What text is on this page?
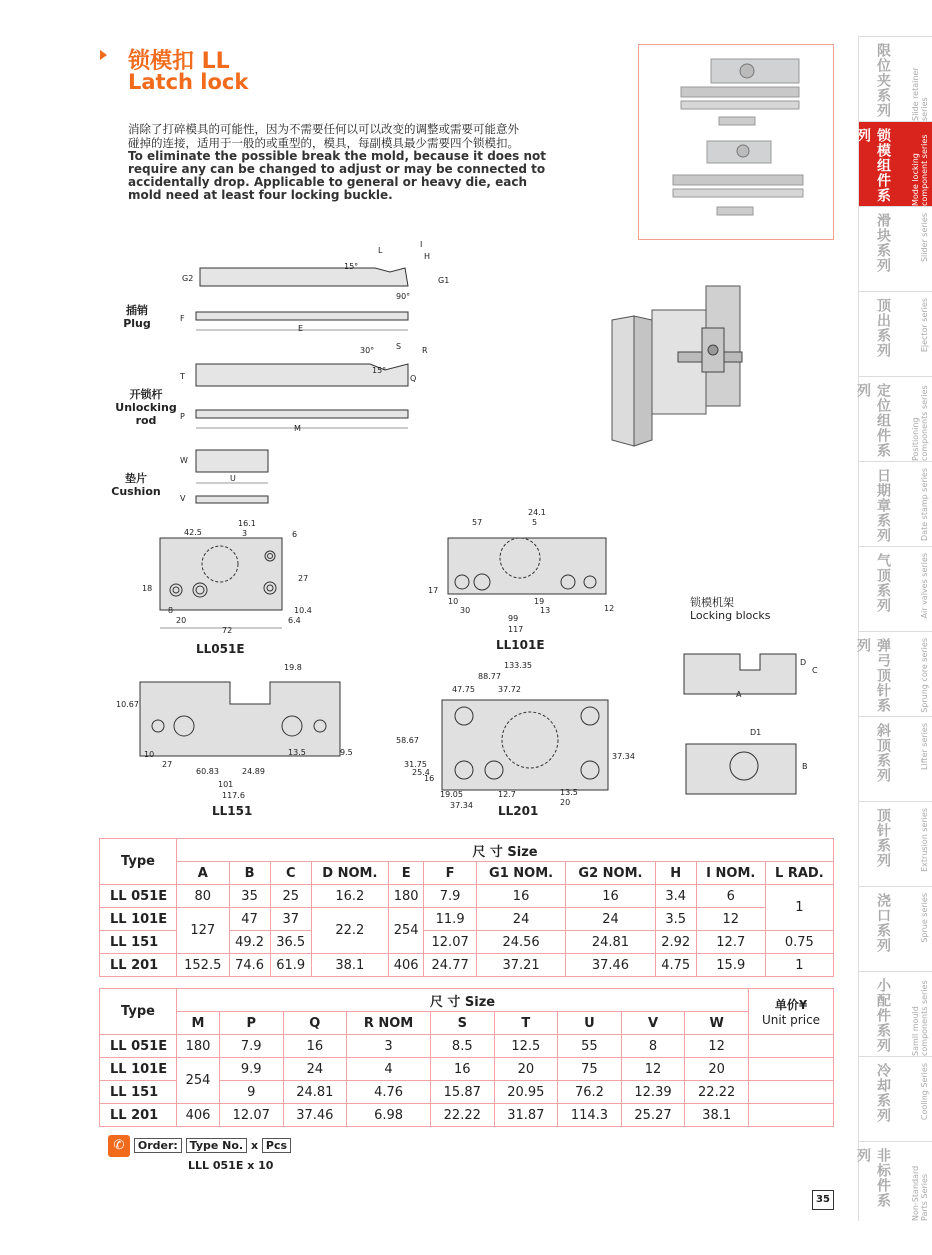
锁模扣 LL
Latch lock
消除了打碎模具的可能性，因为不需要任何以可以改变的调整或需要可能意外
碰掉的连接，适用于一般的或重型的，模具，每副模具最少需要四个锁模扣。
To eliminate the possible break the mold, because it does not
require any can be changed to adjust or may be connected to
accidentally drop. Applicable to general or heavy die, each
mold need at least four locking buckle.
L
I
H
G1
G2
15°
90°
F
E
S	R
Q
T
30°
15°
P
M
W
U
V
插销
Plug
开锁杆
Unlocking rod
垫片
Cushion
42.5
16.1
3	6
18
27
8
20
10.4
6.4
72
LL051E
57
24.1
5
17
10
30
19
13	12
99
117
LL101E
锁模机架
Locking blocks
D
C
A
D1
B
19.8
10.67
10
27
60.83	24.89
13.5	9.5
101
117.6
LL151
133.35
88.77
47.75	37.72
58.67
31.75
25.4
16
19.05
37.34
12.7	13.5
20
37.34
LL201
Type	尺 寸 Size										
	A	B	C	D NOM.	E	F	G1 NOM.	G2 NOM.	H	I NOM.	L RAD.
LL 051E	80	35	25	16.2	180	7.9	16	16	3.4	6	1
LL 101E	127	47	37	22.2	254	11.9	24	24	3.5	12	
LL 151		49.2	36.5			12.07	24.56	24.81	2.92	12.7	0.75
LL 201	152.5	74.6	61.9	38.1	406	24.77	37.21	37.46	4.75	15.9	1
Type	尺 寸 Size									单价¥
Unit price

	M	P	Q	R NOM	S	T	U	V	W	
LL 051E	180	7.9	16	3	8.5	12.5	55	8	12	
LL 101E	254	9.9	24	4	16	20	75	12	20	
LL 151		9	24.81	4.76	15.87	20.95	76.2	12.39	22.22	
LL 201	406	12.07	37.46	6.98	22.22	31.87	114.3	25.27	38.1	
✆ Order: Type No. x Pcs
LLL 051E x 10
35
限位夹系列	Slide retainer series
锁模组件系列
Mode locking component series
滑块系列	Slider series
顶出系列	Ejector series
定位组件系列
Positioning components series
日期章系列	Date stamp series
气顶系列	Air valves series
弹弓顶针系列	Sprung core series
斜顶系列	Lifter series
顶针系列	Extrusion series
浇口系列	Sprue series
小配件系列	Samll mould components series
冷却系列	Cooling Series
非标件系列
Non-Standard Parts Series
